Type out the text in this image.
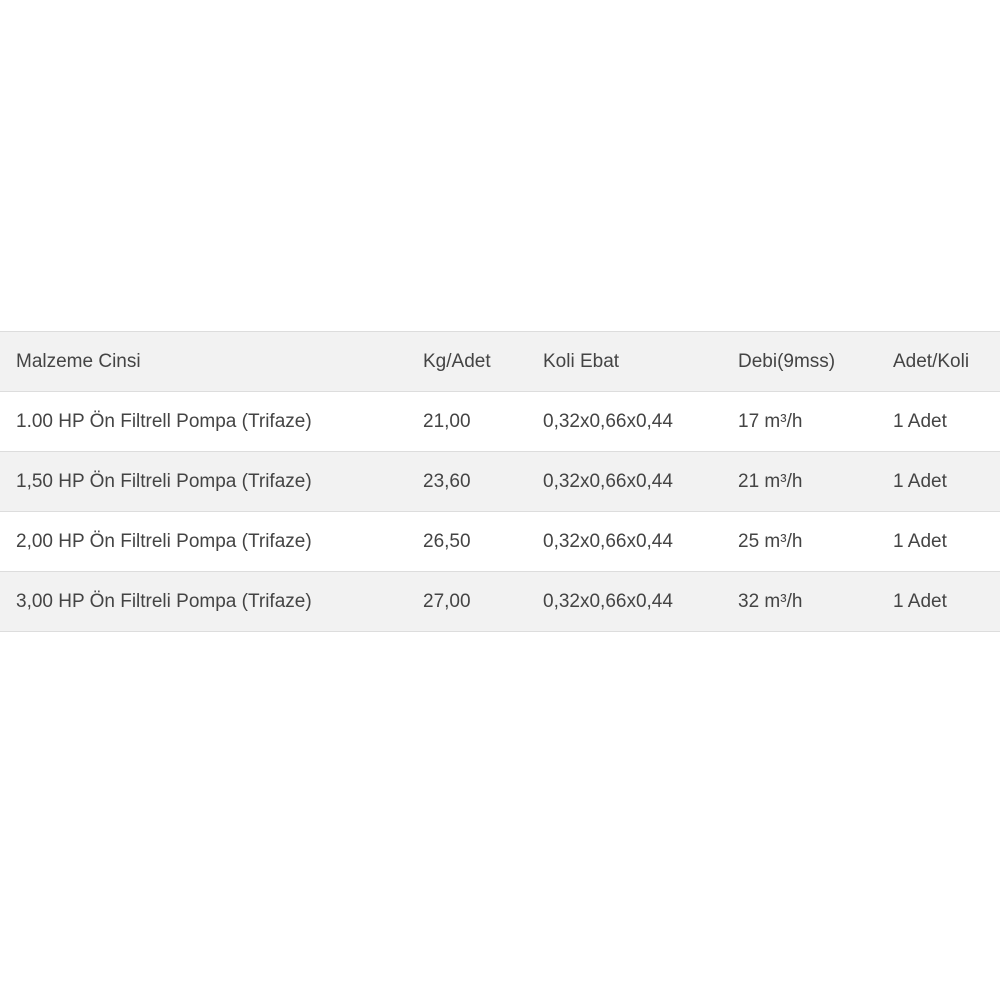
Malzeme Cinsi	Kg/Adet	Koli Ebat	Debi(9mss)	Adet/Koli
1.00 HP Ön Filtrell Pompa (Trifaze)	21,00	0,32x0,66x0,44	17 m³/h	1 Adet
1,50 HP Ön Filtreli Pompa (Trifaze)	23,60	0,32x0,66x0,44	21 m³/h	1 Adet
2,00 HP Ön Filtreli Pompa (Trifaze)	26,50	0,32x0,66x0,44	25 m³/h	1 Adet
3,00 HP Ön Filtreli Pompa (Trifaze)	27,00	0,32x0,66x0,44	32 m³/h	1 Adet
